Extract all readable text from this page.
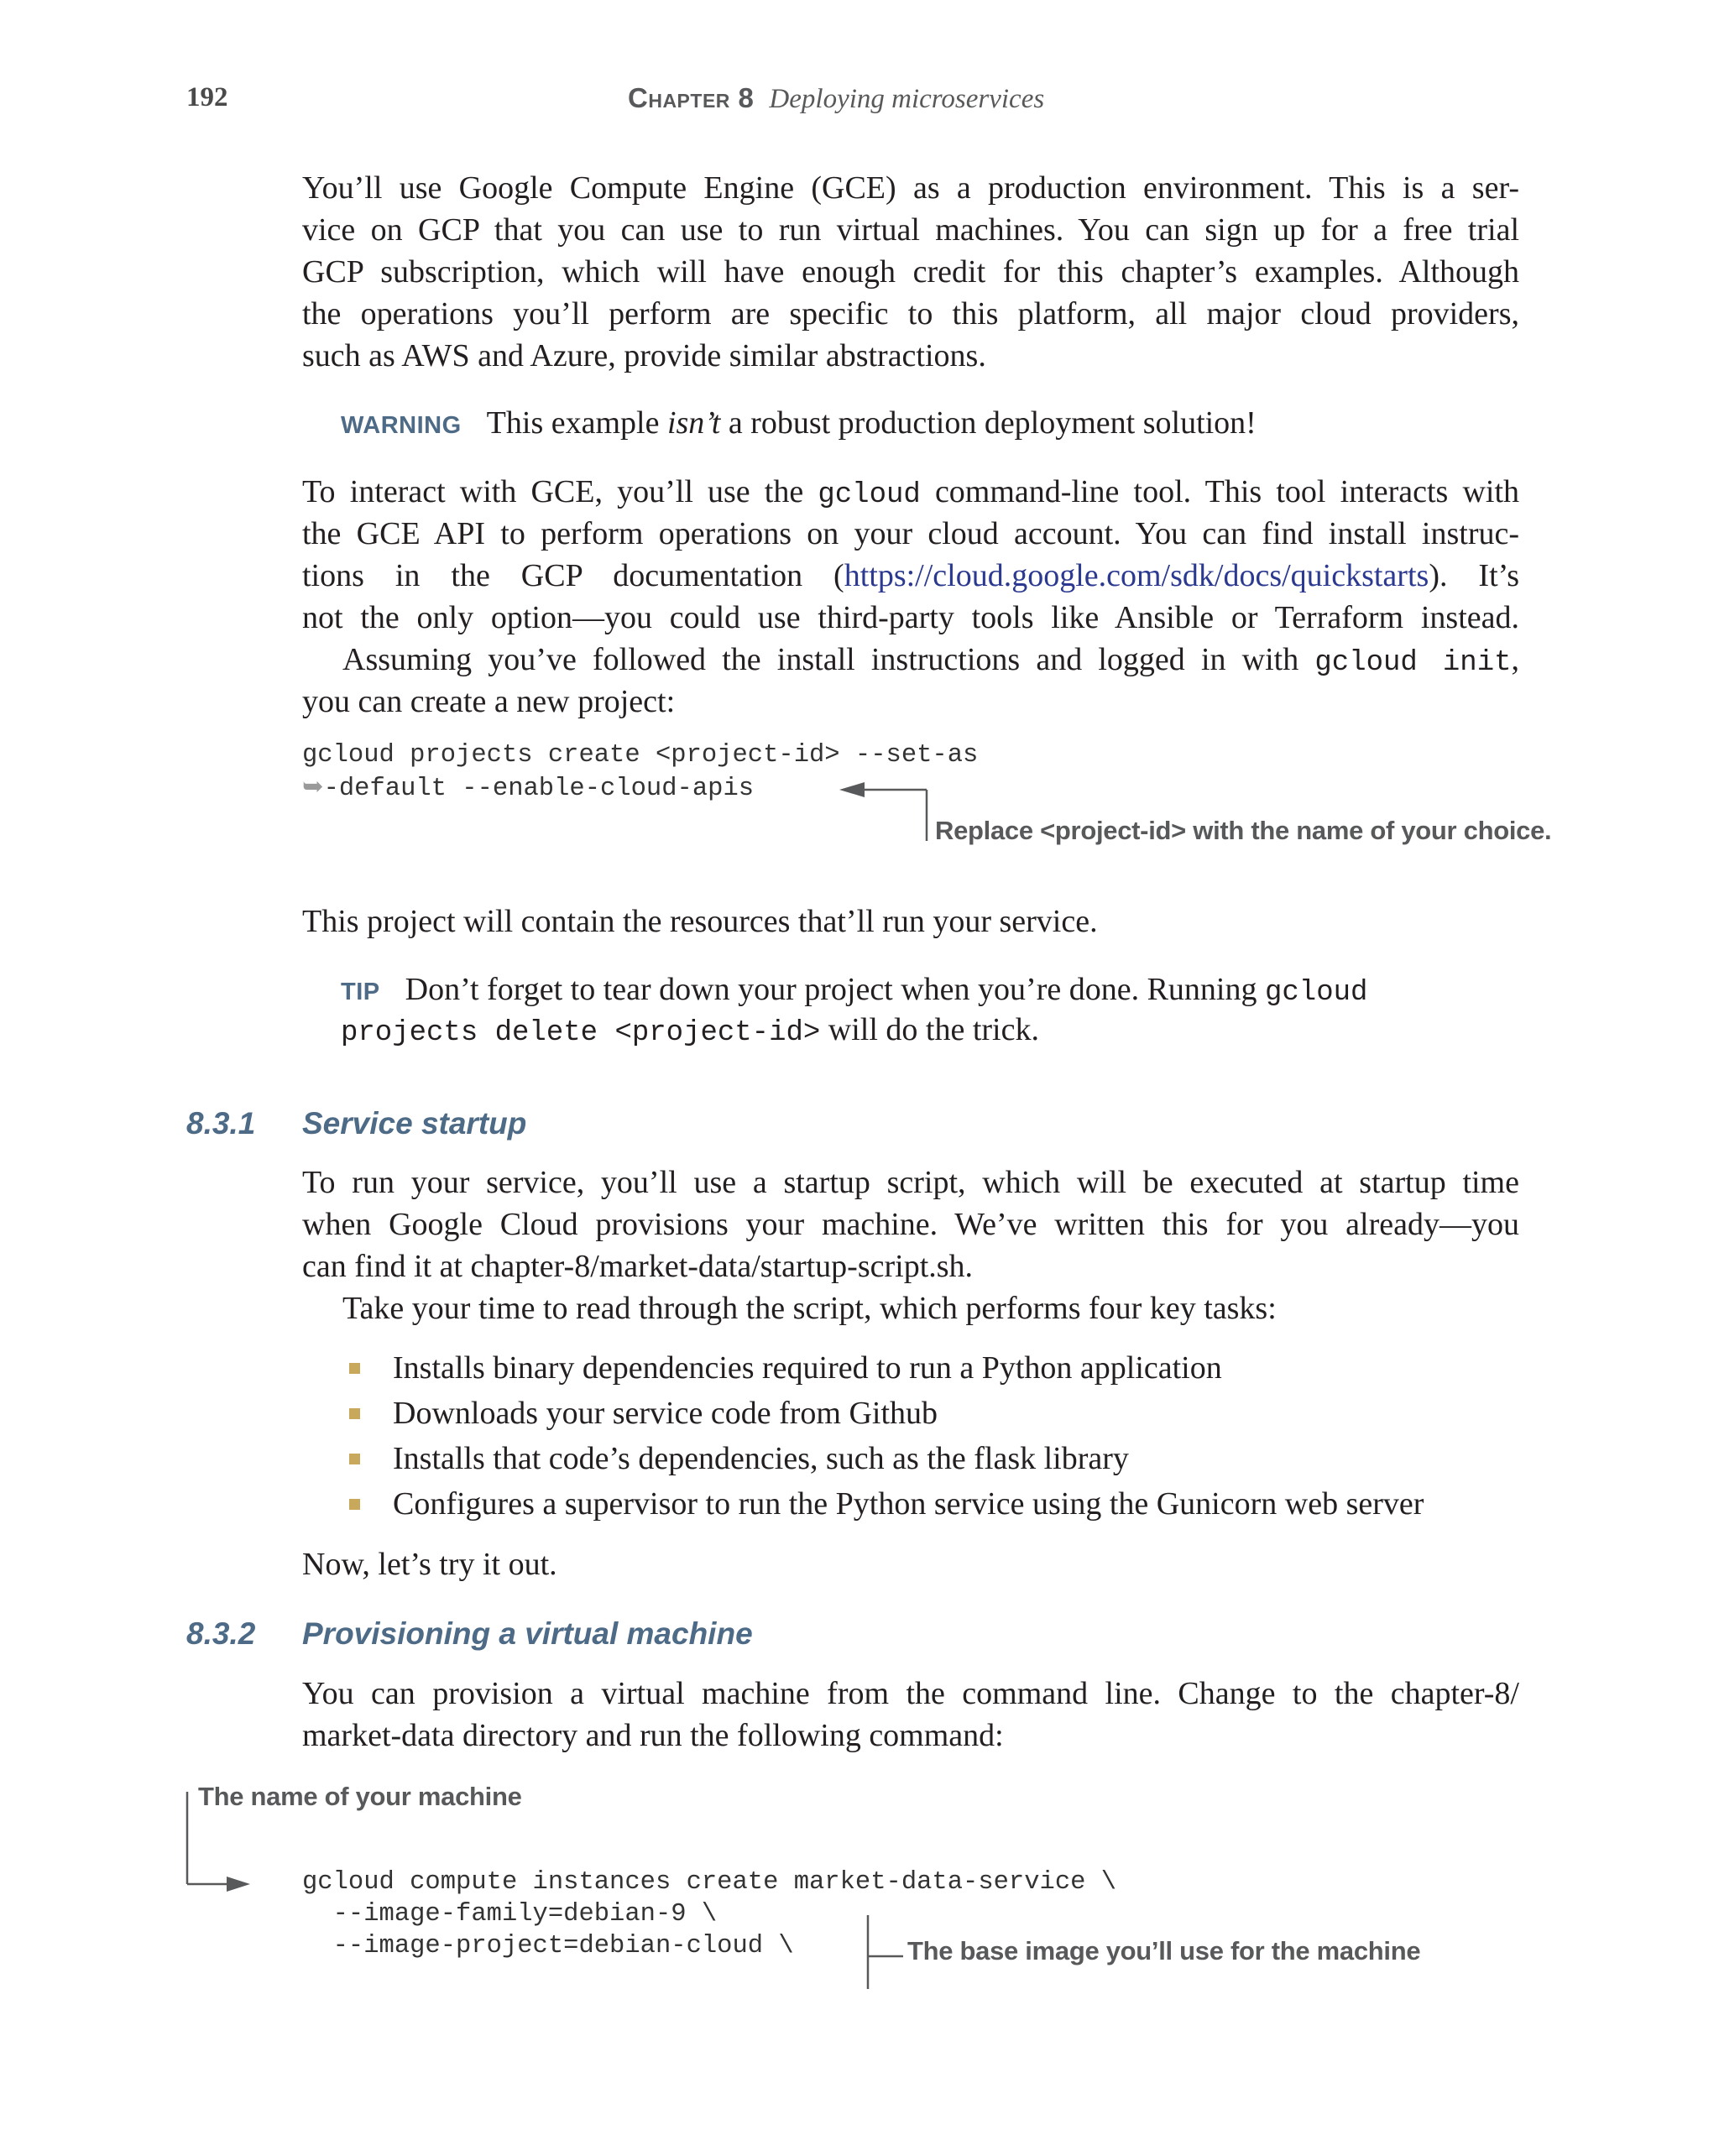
192	Chapter 8 Deploying microservices
You’ll use Google Compute Engine (GCE) as a production environment. This is a ser-
vice on GCP that you can use to run virtual machines. You can sign up for a free trial
GCP subscription, which will have enough credit for this chapter’s examples. Although
the operations you’ll perform are specific to this platform, all major cloud providers,
such as AWS and Azure, provide similar abstractions.
WARNING This example isn’t a robust production deployment solution!
To interact with GCE, you’ll use the gcloud command-line tool. This tool interacts with
the GCE API to perform operations on your cloud account. You can find install instruc-
tions in the GCP documentation (https://cloud.google.com/sdk/docs/quickstarts). It’s
not the only option—you could use third-party tools like Ansible or Terraform instead.
Assuming you’ve followed the install instructions and logged in with gcloud init,
you can create a new project:
gcloud projects create <project-id> --set-as
➥-default --enable-cloud-apis
Replace <project-id> with the name of your choice.
This project will contain the resources that’ll run your service.
TIP Don’t forget to tear down your project when you’re done. Running gcloud
projects delete <project-id> will do the trick.
8.3.1 Service startup
To run your service, you’ll use a startup script, which will be executed at startup time
when Google Cloud provisions your machine. We’ve written this for you already—you
can find it at chapter-8/market-data/startup-script.sh.
Take your time to read through the script, which performs four key tasks:
Installs binary dependencies required to run a Python application
Downloads your service code from Github
Installs that code’s dependencies, such as the flask library
Configures a supervisor to run the Python service using the Gunicorn web server
Now, let’s try it out.
8.3.2 Provisioning a virtual machine
You can provision a virtual machine from the command line. Change to the chapter-8/
market-data directory and run the following command:
The name of your machine
gcloud compute instances create market-data-service \
--image-family=debian-9 \
--image-project=debian-cloud \	The base image you’ll use for the machine
